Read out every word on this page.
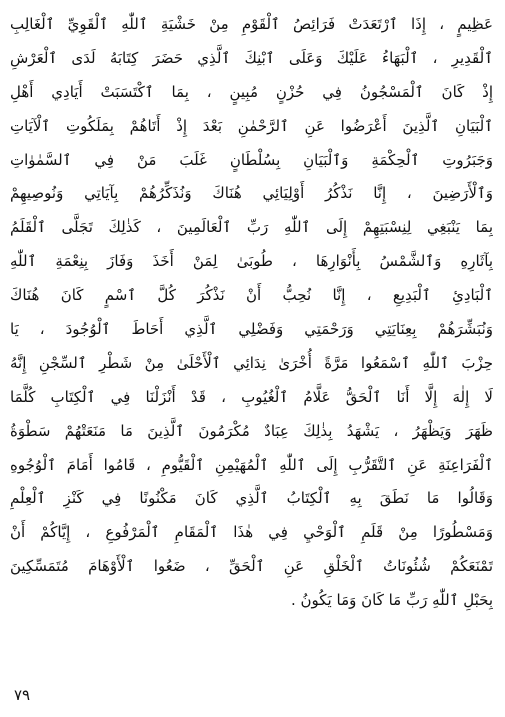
عَظِيمٍ ، إِذَا ٱرْتَعَدَتْ فَرَائِصُ ٱلْقَوْمِ مِنْ خَشْيَةِ ٱللّٰهِ ٱلْقَوِيِّ ٱلْغَالِبِ
ٱلْقَدِيرِ ، ٱلْبَهَاءُ عَلَيْكَ وَعَلَى ٱبْنِكَ ٱلَّذِي حَضَرَ كِتَابَهُ لَدَى ٱلْعَرْشِ
إِذْ كَانَ ٱلْمَسْجُونُ فِي حُزْنٍ مُبِينٍ ، بِمَا ٱكْتَسَبَتْ أَيَادِي أَهْلِ
ٱلْبَيَانِ ٱلَّذِينَ أَعْرَضُوا عَنِ ٱلرَّحْمٰنِ بَعْدَ إِذْ أَتَاهُمْ بِمَلَكُوتِ ٱلْآيَاتِ
وَجَبَرُوتِ ٱلْحِكْمَةِ وَٱلْبَيَانِ بِسُلْطَانٍ غَلَبَ مَنْ فِي ٱلسَّمٰوٰاتِ
وَٱلْأَرَضِينَ ، إِنَّا نَذْكُرُ أَوْلِيَائِي هُنَاكَ وَنُذَكِّرُهُمْ بِآيَاتِي وَنُوصِيهِمْ
بِمَا يَنْبَغِي لِنِسْبَتِهِمْ إِلَى ٱللّٰهِ رَبِّ ٱلْعَالَمِينَ ، كَذٰلِكَ تَجَلَّى ٱلْقَلَمُ
بِآثَارِهِ وَٱلشَّمْسُ بِأَنْوَارِهَا ، طُوبَىٰ لِمَنْ أَخَذَ وَفَازَ بِنِعْمَةِ ٱللّٰهِ
ٱلْبَادِئِ ٱلْبَدِيعِ ، إِنَّا نُحِبُّ أَنْ نَذْكُرَ كُلَّ ٱسْمٍ كَانَ هُنَاكَ
وَنُبَشِّرَهُمْ بِعِنَايَتِي وَرَحْمَتِي وَفَضْلِي ٱلَّذِي أَحَاطَ ٱلْوُجُودَ ، يَا
حِزْبَ ٱللّٰهِ ٱسْمَعُوا مَرَّةً أُخْرَىٰ نِدَائِي ٱلْأَحْلَىٰ مِنْ شَطْرِ ٱلسِّجْنِ إِنَّهُ
لَا إِلٰهَ إِلَّا أَنَا ٱلْحَقُّ عَلَّامُ ٱلْغُيُوبِ ، قَدْ أَنْزَلْنَا فِي ٱلْكِتَابِ كُلَّمَا
ظَهَرَ وَيَظْهَرُ ، يَشْهَدُ بِذٰلِكَ عِبَادٌ مُكْرَمُونَ ٱلَّذِينَ مَا مَنَعَتْهُمْ سَطْوَةُ
ٱلْفَرَاعِنَةِ عَنِ ٱلتَّقَرُّبِ إِلَى ٱللّٰهِ ٱلْمُهَيْمِنِ ٱلْقَيُّومِ ، قَامُوا أَمَامَ ٱلْوُجُوهِ
وَقَالُوا مَا نَطَقَ بِهِ ٱلْكِتَابُ ٱلَّذِي كَانَ مَكْنُونًا فِي كَنْزِ ٱلْعِلْمِ
وَمَسْطُورًا مِنْ قَلَمِ ٱلْوَحْيِ فِي هٰذَا ٱلْمَقَامِ ٱلْمَرْفُوعِ ، إِيَّاكُمْ أَنْ
تَمْنَعَكُمْ شُئُونَاتُ ٱلْخَلْقِ عَنِ ٱلْحَقِّ ، ضَعُوا ٱلْأَوْهَامَ مُتَمَسِّكِينَ
بِحَبْلِ ٱللّٰهِ رَبِّ مَا كَانَ وَمَا يَكُونُ .
٧٩
